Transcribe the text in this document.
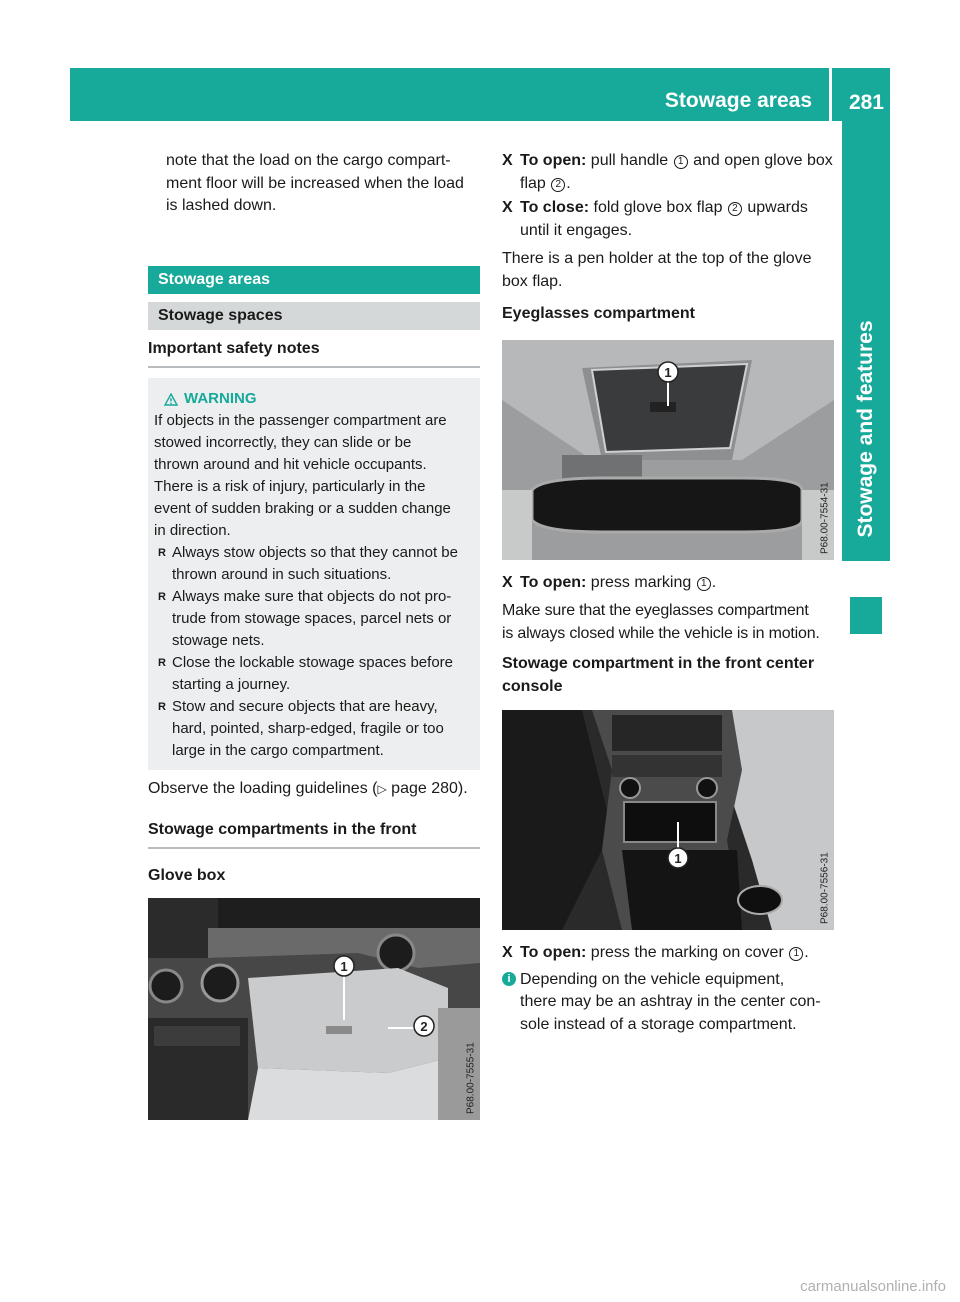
Stowage areas 281
Stowage and features

note that the load on the cargo compart-

ment floor will be increased when the load

is lashed down.

Stowage areas
Stowage spaces
Important safety notes
WARNING

If objects in the passenger compartment are

stowed incorrectly, they can slide or be

thrown around and hit vehicle occupants.

There is a risk of injury, particularly in the

event of sudden braking or a sudden change

in direction.

R Always stow objects so that they cannot be

thrown around in such situations.

R Always make sure that objects do not pro-

trude from stowage spaces, parcel nets or

stowage nets.

R Close the lockable stowage spaces before

starting a journey.

R Stow and secure objects that are heavy,

hard, pointed, sharp-edged, fragile or too

large in the cargo compartment.

Observe the loading guidelines (▷ page 280).

Stowage compartments in the front
Glove box
1
2
P68.00-7555-31
X To open: pull handle 1 and open glove box

flap 2 .

X To close: fold glove box flap 2 upwards

until it engages.

There is a pen holder at the top of the glove

box flap.

Eyeglasses compartment
1
P68.00-7554-31
X To open: press marking 1 .

Make sure that the eyeglasses compartment

is always closed while the vehicle is in motion.

Stowage compartment in the front center

console

1	P68.00-7556-31
X To open: press the marking on cover 1 .

i Depending on the vehicle equipment,

there may be an ashtray in the center con-

sole instead of a storage compartment.

carmanualsonline.info
